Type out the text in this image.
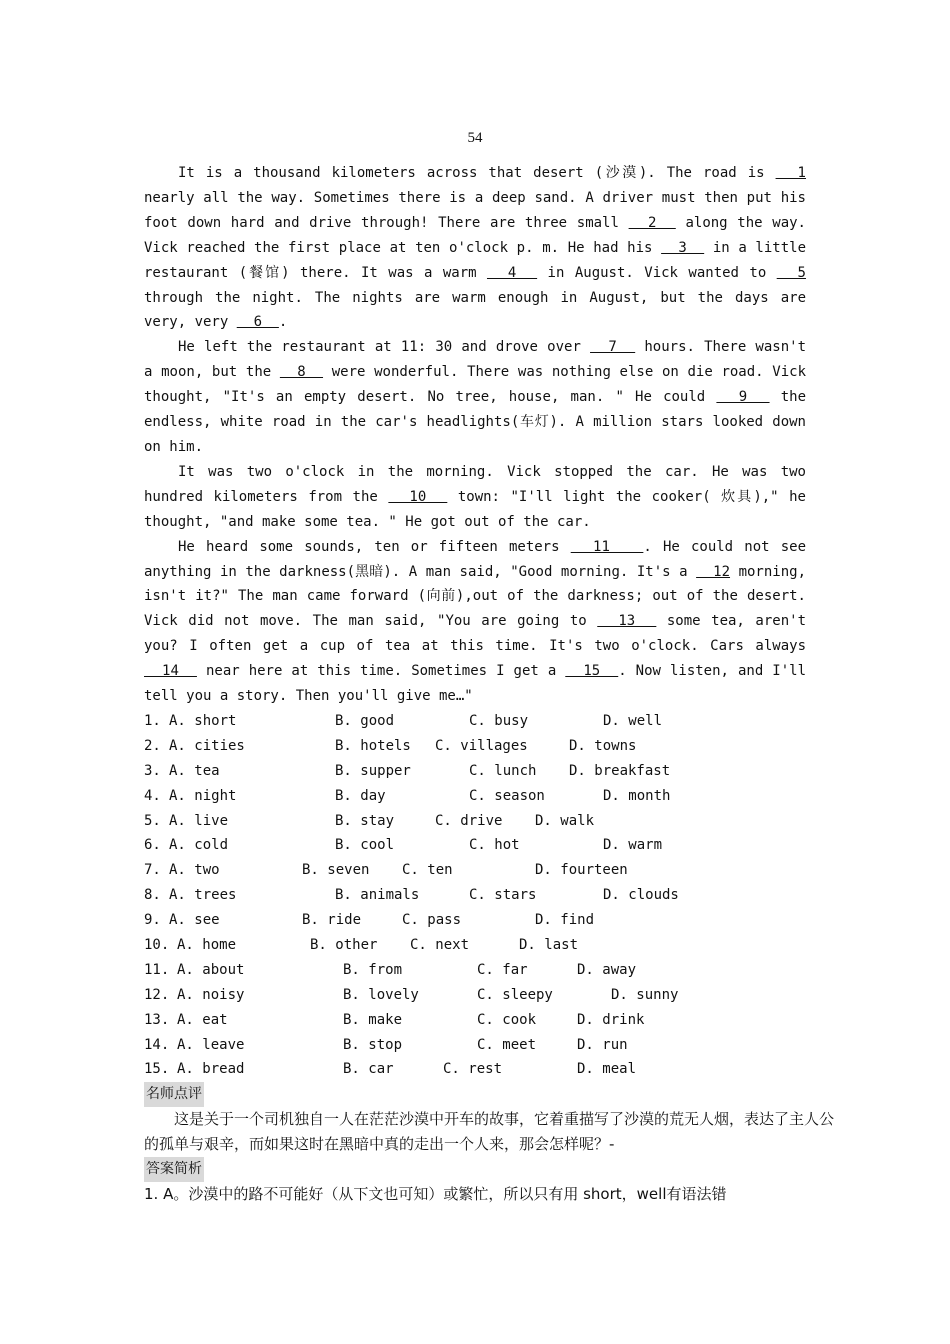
54

It is a thousand kilometers across that desert (沙漠). The road is   1 nearly all the way. Sometimes there is a deep sand. A driver must then put his foot down hard and drive through! There are three small   2   along the way. Vick reached the first place at ten o'clock p. m. He had his   3   in a little restaurant (餐馆) there. It was a warm   4   in August. Vick wanted to   5 through the night. The nights are warm enough in August, but the days are very, very   6  .

He left the restaurant at 11: 30 and drove over   7   hours. There wasn't a moon, but the   8   were wonderful. There was nothing else on die road. Vick thought, "It's an empty desert. No tree, house, man. " He could   9   the endless, white road in the car's headlights(车灯). A million stars looked down on him.

It was two o'clock in the morning. Vick stopped the car. He was two hundred kilometers from the   10   town: "I'll light the cooker( 炊具)," he thought, "and make some tea. " He got out of the car.

He heard some sounds, ten or fifteen meters   11   . He could not see anything in the darkness(黑暗). A man said, "Good morning. It's a   12 morning, isn't it?" The man came forward (向前),out of the darkness; out of the desert. Vick did not move. The man said, "You are going to   13   some tea, aren't you? I often get a cup of tea at this time. It's two o'clock. Cars always   14   near here at this time. Sometimes I get a   15  . Now listen, and I'll tell you a story. Then you'll give me…"

1. A. short	B. good	C. busy	D. well
2. A. cities	B. hotels C. villages	D. towns
3. A. tea	B. supper	C. lunch D. breakfast
4. A. night	B. day	C. season	D. month
5. A. live	B. stay	C. drive D. walk
6. A. cold	B. cool	C. hot	D. warm
7. A. two	B. seven C. ten	D. fourteen
8. A. trees	B. animals	C. stars	D. clouds
9. A. see	B. ride	C. pass	D. find
10. A. home	B. other C. next	D. last
11. A. about	B. from	C. far	D. away
12. A. noisy	B. lovely	C. sleepy	D. sunny
13. A. eat	B. make	C. cook	D. drink
14. A. leave	B. stop	C. meet	D. run
15. A. bread	B. car	C. rest	D. meal
名师点评

这是关于一个司机独自一人在茫茫沙漠中开车的故事，它着重描写了沙漠的荒无人烟，表达了主人公的孤单与艰辛，而如果这时在黑暗中真的走出一个人来，那会怎样呢？-

答案简析

1. A。沙漠中的路不可能好（从下文也可知）或繁忙，所以只有用 short，well有语法错
